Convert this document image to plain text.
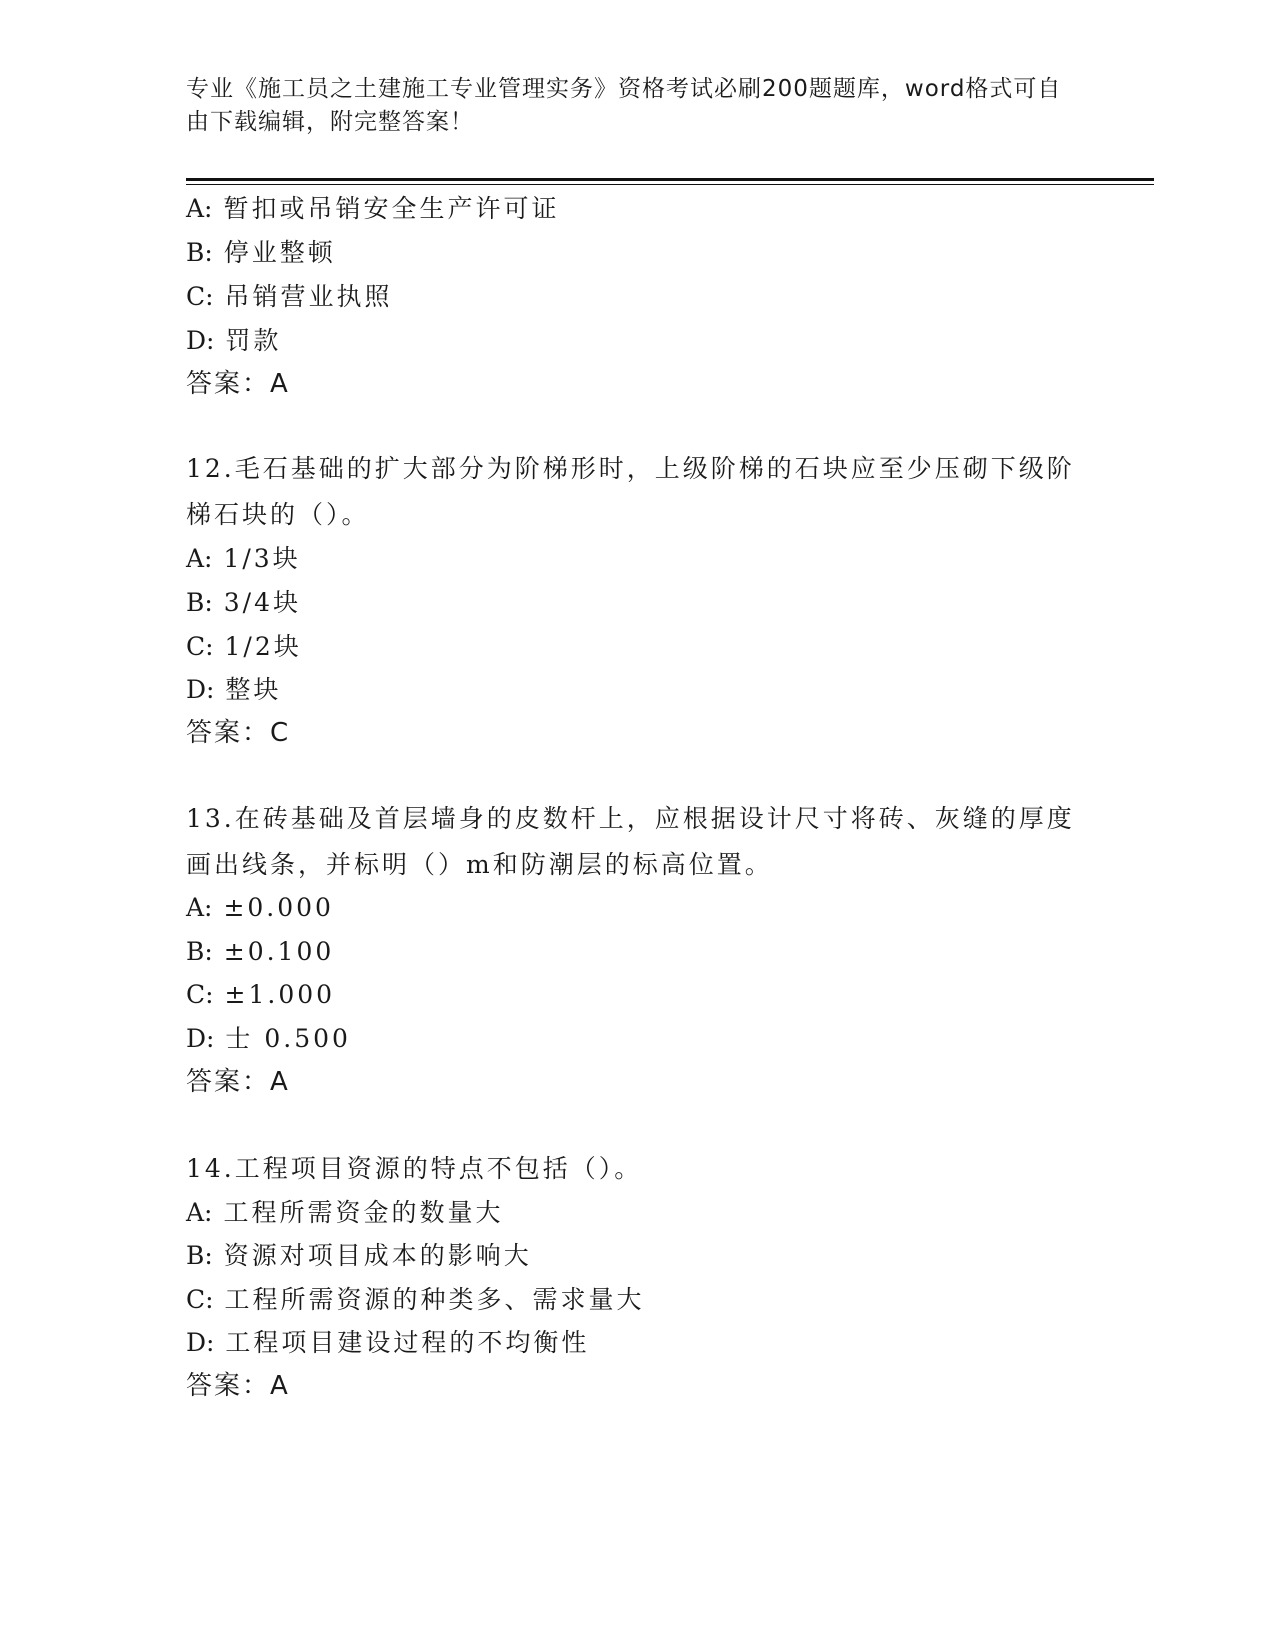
专业《施工员之土建施工专业管理实务》资格考试必刷200题题库，word格式可自由下载编辑，附完整答案！
A: 暂扣或吊销安全生产许可证
B: 停业整顿
C: 吊销营业执照
D: 罚款
答案：A
12.毛石基础的扩大部分为阶梯形时，上级阶梯的石块应至少压砌下级阶梯石块的（）。
A: 1/3块
B: 3/4块
C: 1/2块
D: 整块
答案：C
13.在砖基础及首层墙身的皮数杆上，应根据设计尺寸将砖、灰缝的厚度画出线条，并标明（）m和防潮层的标高位置。
A: ±0.000
B: ±0.100
C: ±1.000
D: 士 0.500
答案：A
14.工程项目资源的特点不包括（）。
A: 工程所需资金的数量大
B: 资源对项目成本的影响大
C: 工程所需资源的种类多、需求量大
D: 工程项目建设过程的不均衡性
答案：A
